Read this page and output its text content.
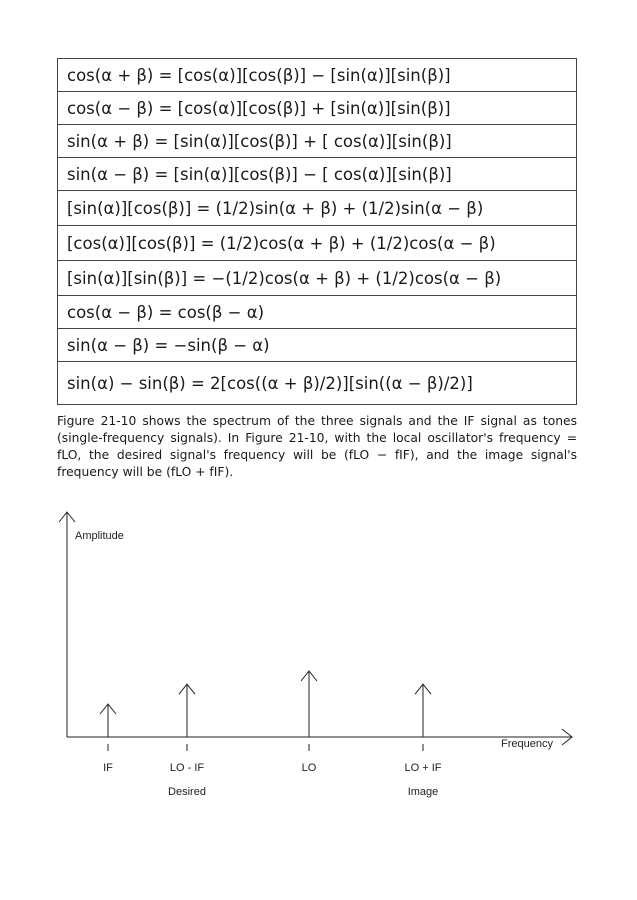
cos(α + β) = [cos(α)][cos(β)] − [sin(α)][sin(β)]
cos(α − β) = [cos(α)][cos(β)] + [sin(α)][sin(β)]
sin(α + β) = [sin(α)][cos(β)] + [ cos(α)][sin(β)]
sin(α − β) = [sin(α)][cos(β)] − [ cos(α)][sin(β)]
[sin(α)][cos(β)] = (1/2)sin(α + β) + (1/2)sin(α − β)
[cos(α)][cos(β)] = (1/2)cos(α + β) + (1/2)cos(α − β)
[sin(α)][sin(β)] = −(1/2)cos(α + β) + (1/2)cos(α − β)
cos(α − β) = cos(β − α)
sin(α − β) = −sin(β − α)
sin(α) − sin(β) = 2[cos((α + β)/2)][sin((α − β)/2)]
Figure 21-10 shows the spectrum of the three signals and the IF signal as tones (single-frequency signals). In Figure 21-10, with the local oscillator's frequency = fLO, the desired signal's frequency will be (fLO − fIF), and the image signal's frequency will be (fLO + fIF).
Amplitude
Frequency
IF	LO - IF
Desired
LO	LO + IF
Image
